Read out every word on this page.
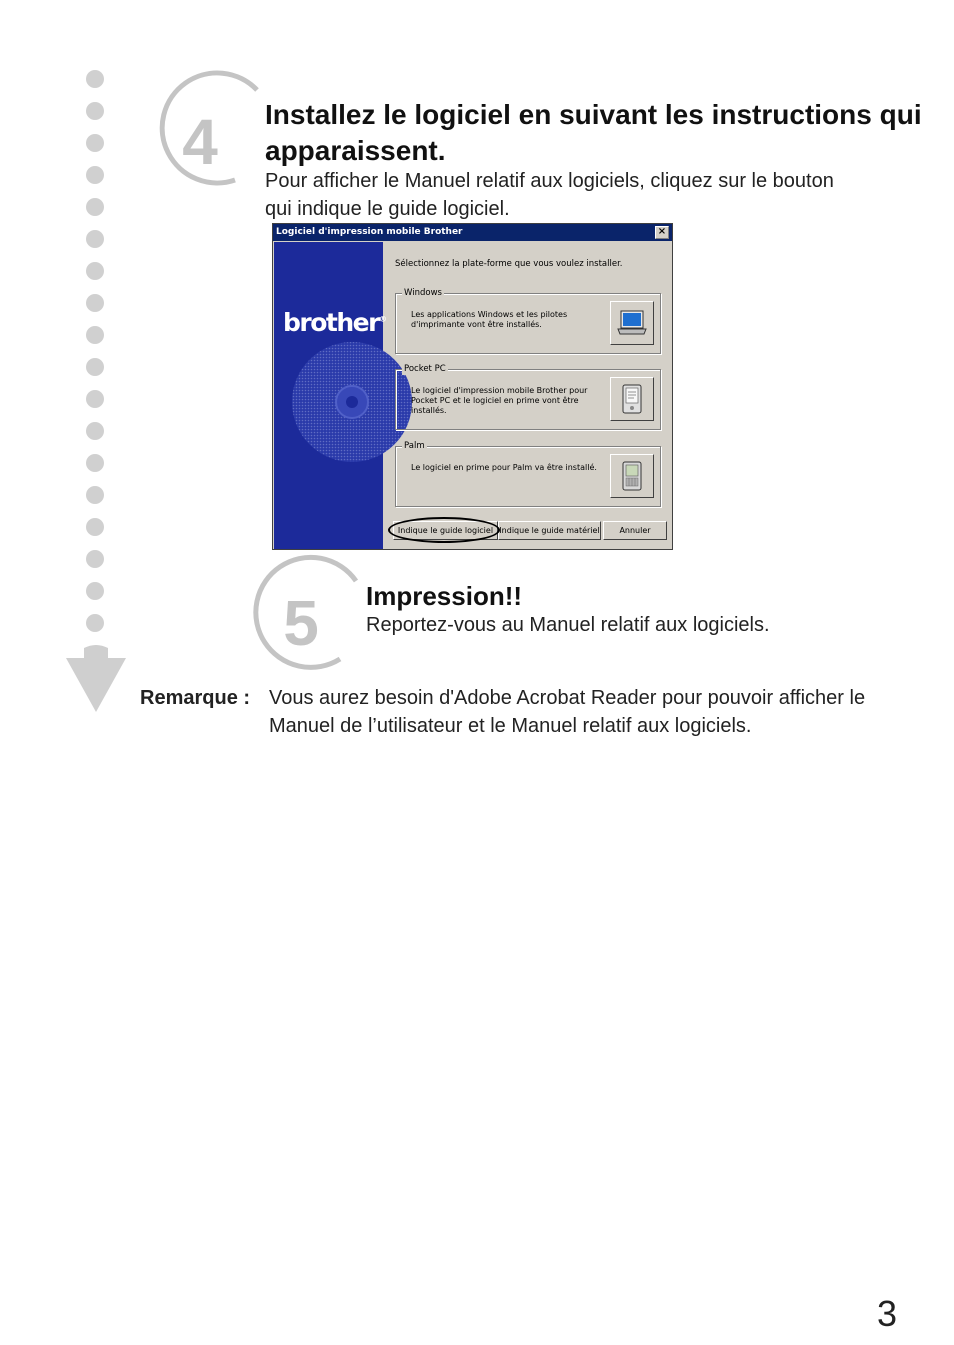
4 Installez le logiciel en suivant les instructions qui apparaissent.
Pour afficher le Manuel relatif aux logiciels, cliquez sur le bouton qui indique le guide logiciel.
Logiciel d'impression mobile Brother	×
brother®
Sélectionnez la plate-forme que vous voulez installer.
Windows
Les applications Windows et les pilotes d'imprimante vont être installés.
Pocket PC
Le logiciel d'impression mobile Brother pour Pocket PC et le logiciel en prime vont être installés.
Palm
Le logiciel en prime pour Palm va être installé.
Indique le guide logiciel Indique le guide matériel	Annuler
5 Impression!!
Reportez-vous au Manuel relatif aux logiciels.
Remarque : Vous aurez besoin d'Adobe Acrobat Reader pour pouvoir afficher le Manuel de l’utilisateur et le Manuel relatif aux logiciels.
3
